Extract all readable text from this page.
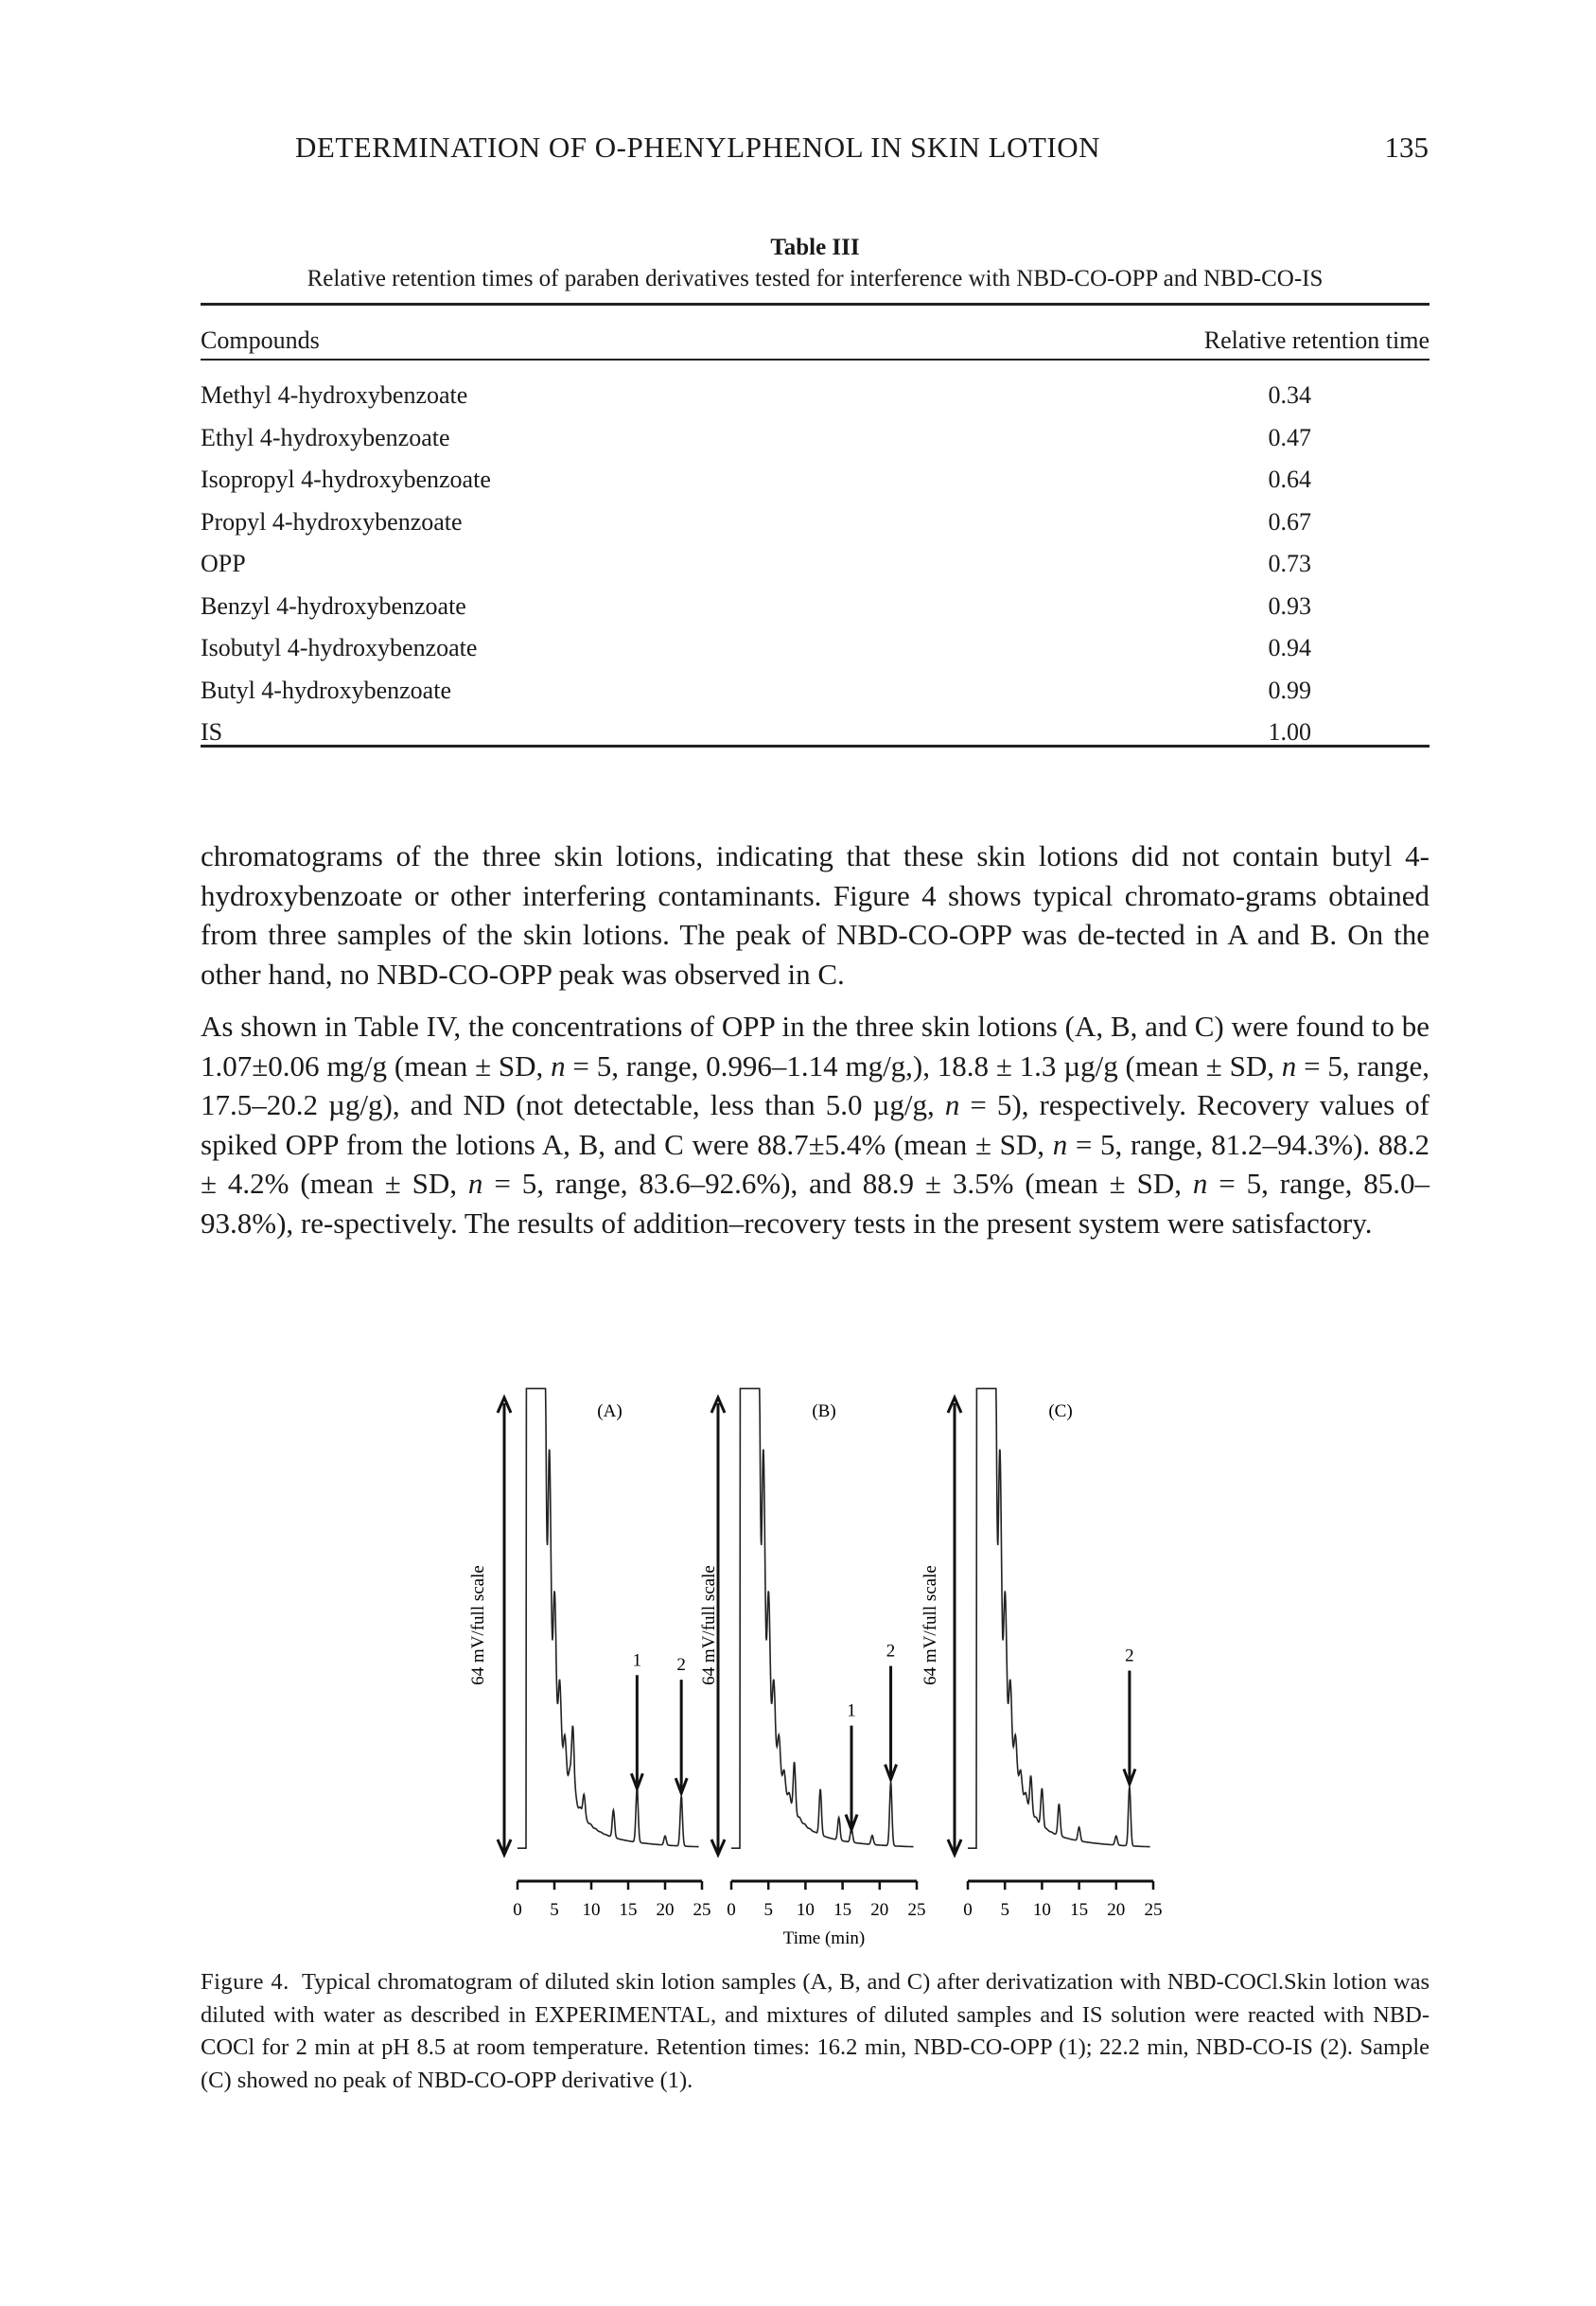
DETERMINATION OF O-PHENYLPHENOL IN SKIN LOTION	135
Table III
Relative retention times of paraben derivatives tested for interference with NBD-CO-OPP and NBD-CO-IS
Compounds	Relative retention time
Methyl 4-hydroxybenzoate	0.34
Ethyl 4-hydroxybenzoate	0.47
Isopropyl 4-hydroxybenzoate	0.64
Propyl 4-hydroxybenzoate	0.67
OPP	0.73
Benzyl 4-hydroxybenzoate	0.93
Isobutyl 4-hydroxybenzoate	0.94
Butyl 4-hydroxybenzoate	0.99
IS	1.00
chromatograms of the three skin lotions, indicating that these skin lotions did not contain butyl 4-hydroxybenzoate or other interfering contaminants. Figure 4 shows typical chromato-grams obtained from three samples of the skin lotions. The peak of NBD-CO-OPP was de-tected in A and B. On the other hand, no NBD-CO-OPP peak was observed in C.
As shown in Table IV, the concentrations of OPP in the three skin lotions (A, B, and C) were found to be 1.07±0.06 mg/g (mean ± SD, n = 5, range, 0.996–1.14 mg/g,), 18.8 ± 1.3 µg/g (mean ± SD, n = 5, range, 17.5–20.2 µg/g), and ND (not detectable, less than 5.0 µg/g, n = 5), respectively. Recovery values of spiked OPP from the lotions A, B, and C were 88.7±5.4% (mean ± SD, n = 5, range, 81.2–94.3%). 88.2 ± 4.2% (mean ± SD, n = 5, range, 83.6–92.6%), and 88.9 ± 3.5% (mean ± SD, n = 5, range, 85.0–93.8%), re-spectively. The results of addition–recovery tests in the present system were satisfactory.
64 mV/full scale
(A)
1 2
0 5 10 15 20 25
64 mV/full scale
(B)
1
2
0 5 10 15 20 25
64 mV/full scale
(C)
2
0 5 10 15 20 25
Time (min)
Figure 4. Typical chromatogram of diluted skin lotion samples (A, B, and C) after derivatization with NBD-COCl.Skin lotion was diluted with water as described in EXPERIMENTAL, and mixtures of diluted samples and IS solution were reacted with NBD-COCl for 2 min at pH 8.5 at room temperature. Retention times: 16.2 min, NBD-CO-OPP (1); 22.2 min, NBD-CO-IS (2). Sample (C) showed no peak of NBD-CO-OPP derivative (1).
